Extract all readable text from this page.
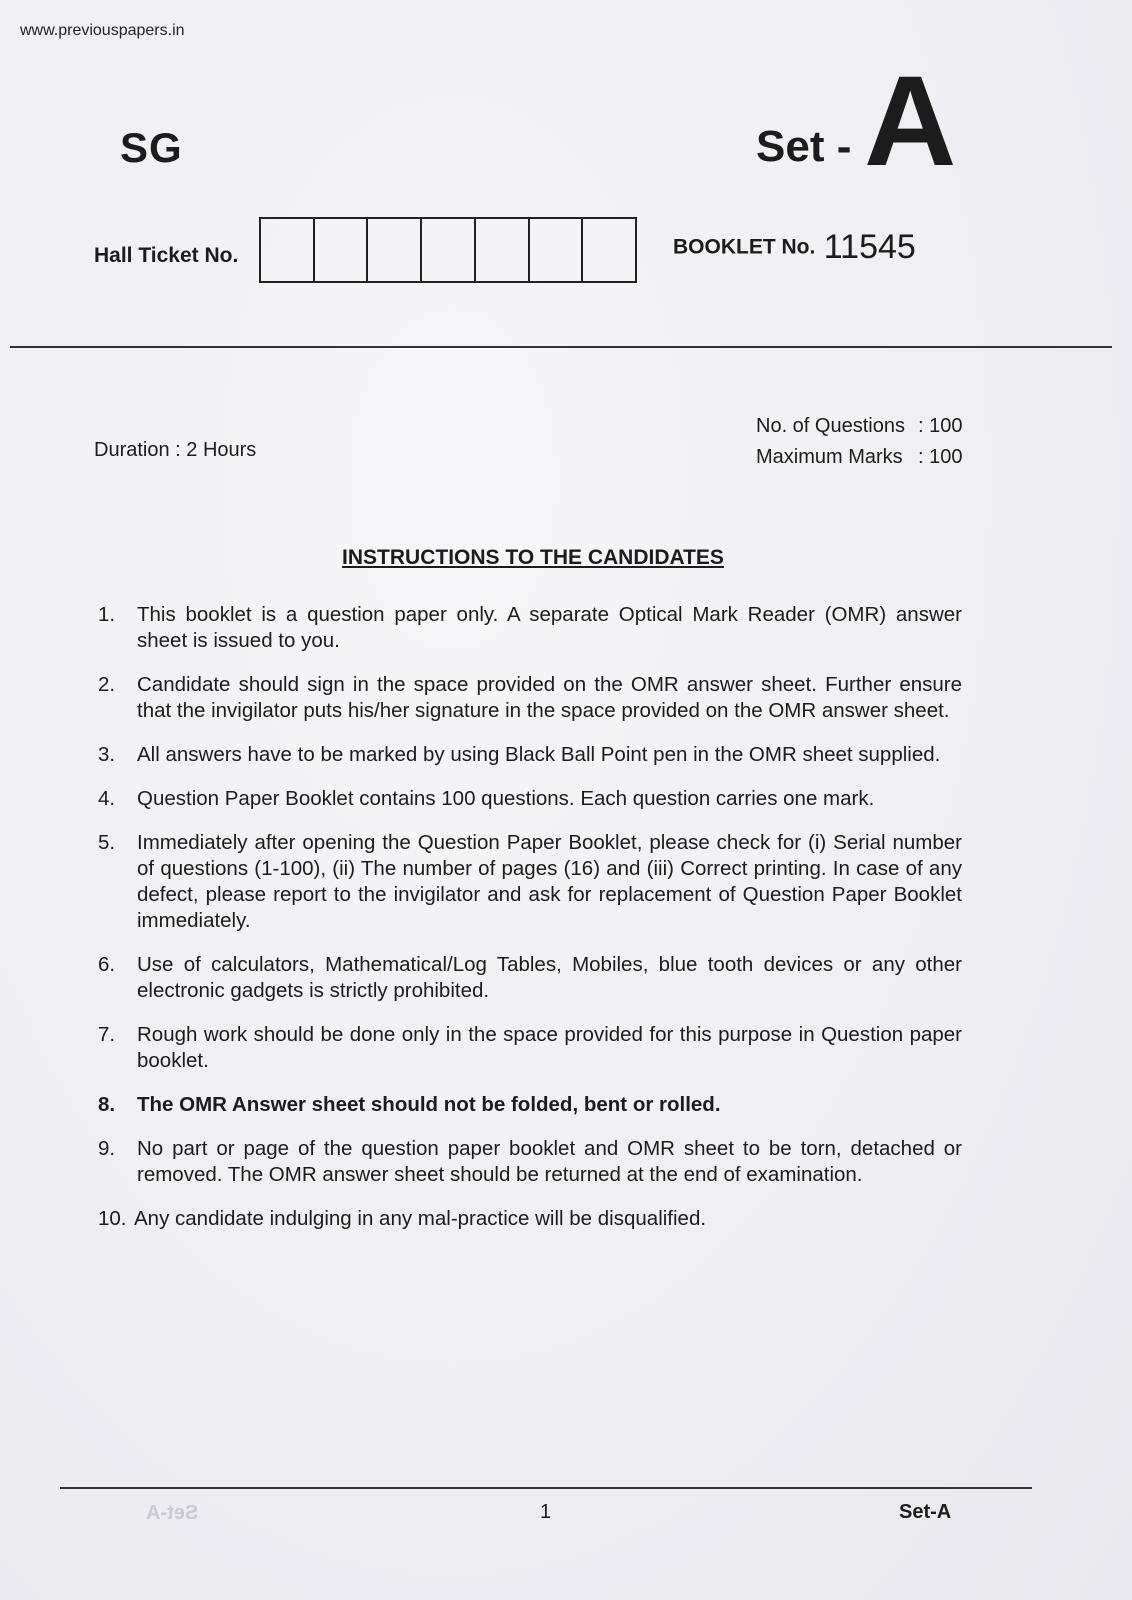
www.previouspapers.in
SG	Set - A
Hall Ticket No.	BOOKLET No. 11545
Duration : 2 Hours
No. of Questions : 100
Maximum Marks : 100
INSTRUCTIONS TO THE CANDIDATES
1.	This booklet is a question paper only. A separate Optical Mark Reader (OMR) answer sheet is issued to you.
2.	Candidate should sign in the space provided on the OMR answer sheet. Further ensure that the invigilator puts his/her signature in the space provided on the OMR answer sheet.
3.	All answers have to be marked by using Black Ball Point pen in the OMR sheet supplied.
4.	Question Paper Booklet contains 100 questions. Each question carries one mark.
5.	Immediately after opening the Question Paper Booklet, please check for (i) Serial number of questions (1-100), (ii) The number of pages (16) and (iii) Correct printing. In case of any defect, please report to the invigilator and ask for replacement of Question Paper Booklet immediately.
6.	Use of calculators, Mathematical/Log Tables, Mobiles, blue tooth devices or any other electronic gadgets is strictly prohibited.
7.	Rough work should be done only in the space provided for this purpose in Question paper booklet.
8.	The OMR Answer sheet should not be folded, bent or rolled.
9.	No part or page of the question paper booklet and OMR sheet to be torn, detached or removed. The OMR answer sheet should be returned at the end of examination.
10. Any candidate indulging in any mal-practice will be disqualified.
Set-A	1	Set-A
